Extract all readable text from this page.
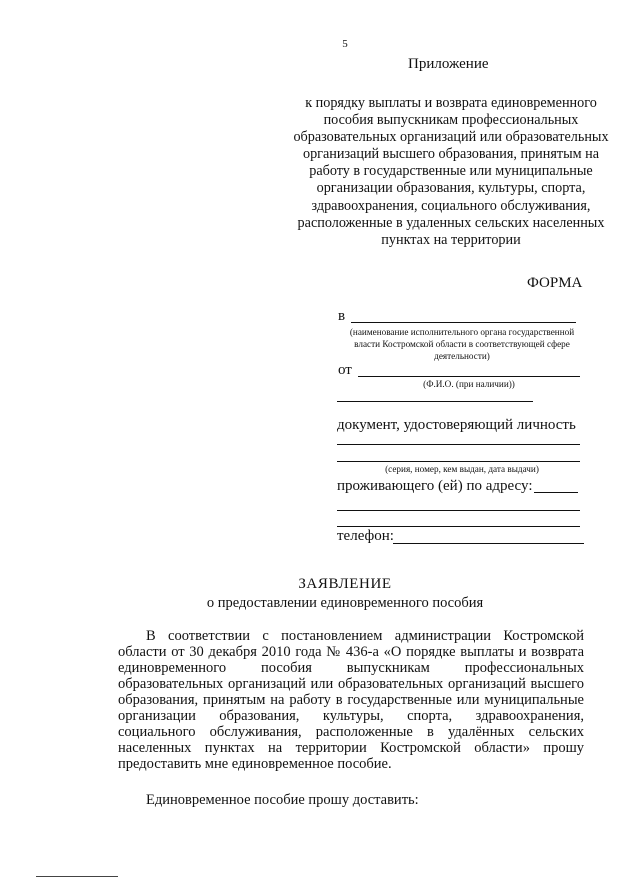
5
Приложение
к порядку выплаты и возврата единовременного пособия выпускникам профессиональных образовательных организаций или образовательных организаций высшего образования, принятым на работу в государственные или муниципальные организации образования, культуры, спорта, здравоохранения, социального обслуживания, расположенные в удаленных сельских населенных пунктах на территории
ФОРМА
в
(наименование исполнительного органа государственной власти Костромской области в соответствующей сфере деятельности)
от
(Ф.И.О. (при наличии))
документ, удостоверяющий личность
(серия, номер, кем выдан, дата выдачи)
проживающего (ей) по адресу:
телефон:
ЗАЯВЛЕНИЕ
о предоставлении единовременного пособия
В соответствии с постановлением администрации Костромской области от 30 декабря 2010 года № 436-а «О порядке выплаты и возврата единовременного пособия выпускникам профессиональных образовательных организаций или образовательных организаций высшего образования, принятым на работу в государственные или муниципальные организации образования, культуры, спорта, здравоохранения, социального обслуживания, расположенные в удалённых сельских населенных пунктах на территории Костромской области» прошу предоставить мне единовременное пособие.
Единовременное пособие прошу доставить:
